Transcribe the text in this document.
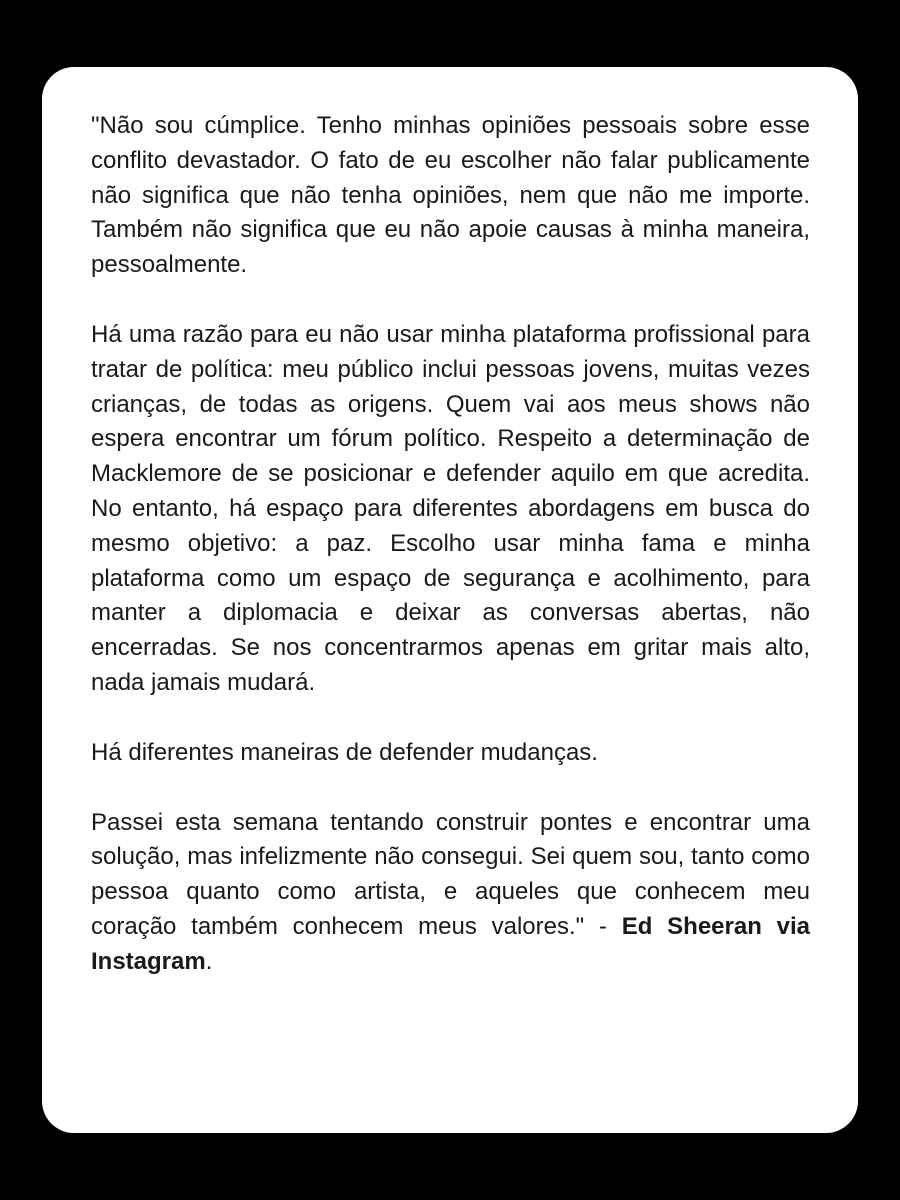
"Não sou cúmplice. Tenho minhas opiniões pessoais sobre esse conflito devastador. O fato de eu escolher não falar publicamente não significa que não tenha opiniões, nem que não me importe. Também não significa que eu não apoie causas à minha maneira, pessoalmente.

Há uma razão para eu não usar minha plataforma profissional para tratar de política: meu público inclui pessoas jovens, muitas vezes crianças, de todas as origens. Quem vai aos meus shows não espera encontrar um fórum político. Respeito a determinação de Macklemore de se posicionar e defender aquilo em que acredita. No entanto, há espaço para diferentes abordagens em busca do mesmo objetivo: a paz. Escolho usar minha fama e minha plataforma como um espaço de segurança e acolhimento, para manter a diplomacia e deixar as conversas abertas, não encerradas. Se nos concentrarmos apenas em gritar mais alto, nada jamais mudará.

Há diferentes maneiras de defender mudanças.

Passei esta semana tentando construir pontes e encontrar uma solução, mas infelizmente não consegui. Sei quem sou, tanto como pessoa quanto como artista, e aqueles que conhecem meu coração também conhecem meus valores." - Ed Sheeran via Instagram.
